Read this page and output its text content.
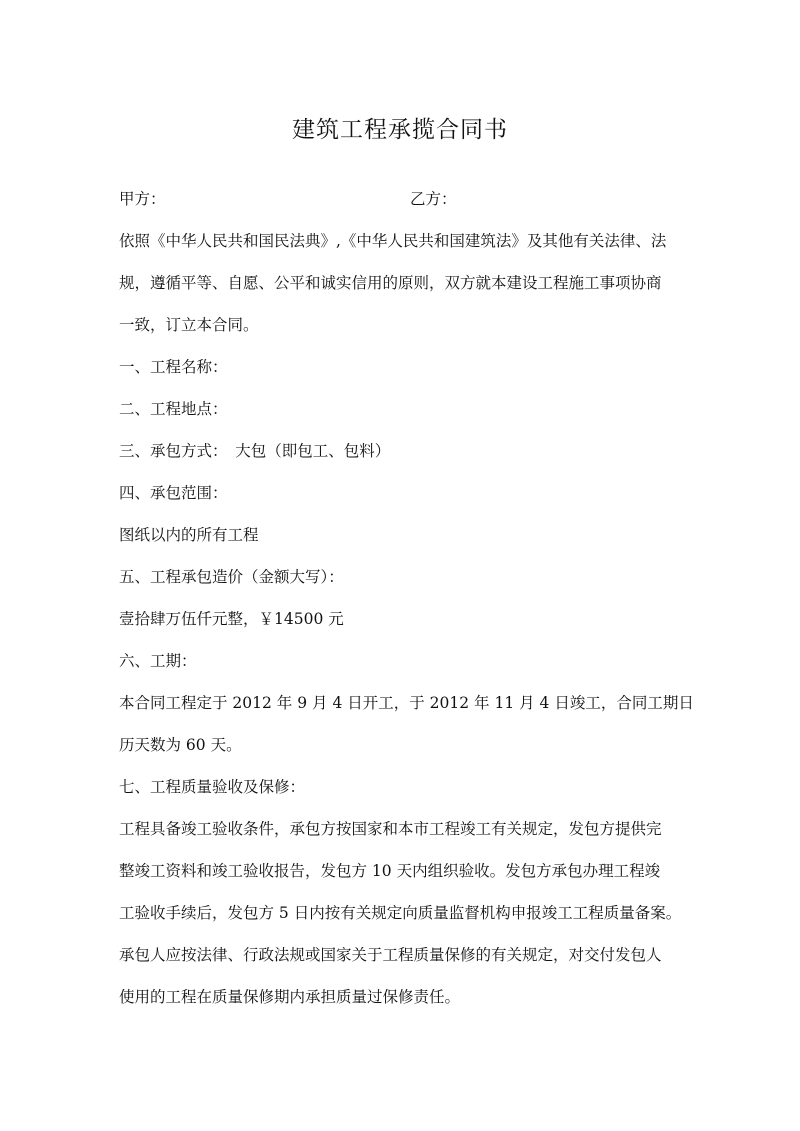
建筑工程承揽合同书
甲方：	乙方：
依照《中华人民共和国民法典》,《中华人民共和国建筑法》及其他有关法律、法
规，遵循平等、自愿、公平和诚实信用的原则，双方就本建设工程施工事项协商
一致，订立本合同。
一、工程名称：
二、工程地点：
三、承包方式：　大包（即包工、包料）
四、承包范围：
图纸以内的所有工程
五、工程承包造价（金额大写）：
壹拾肆万伍仟元整，￥14500 元
六、工期：
本合同工程定于 2012 年 9 月 4 日开工，于 2012 年 11 月 4 日竣工，合同工期日
历天数为 60 天。
七、工程质量验收及保修：
工程具备竣工验收条件，承包方按国家和本市工程竣工有关规定，发包方提供完
整竣工资料和竣工验收报告，发包方 10 天内组织验收。发包方承包办理工程竣
工验收手续后，发包方 5 日内按有关规定向质量监督机构申报竣工工程质量备案。
承包人应按法律、行政法规或国家关于工程质量保修的有关规定，对交付发包人
使用的工程在质量保修期内承担质量过保修责任。
